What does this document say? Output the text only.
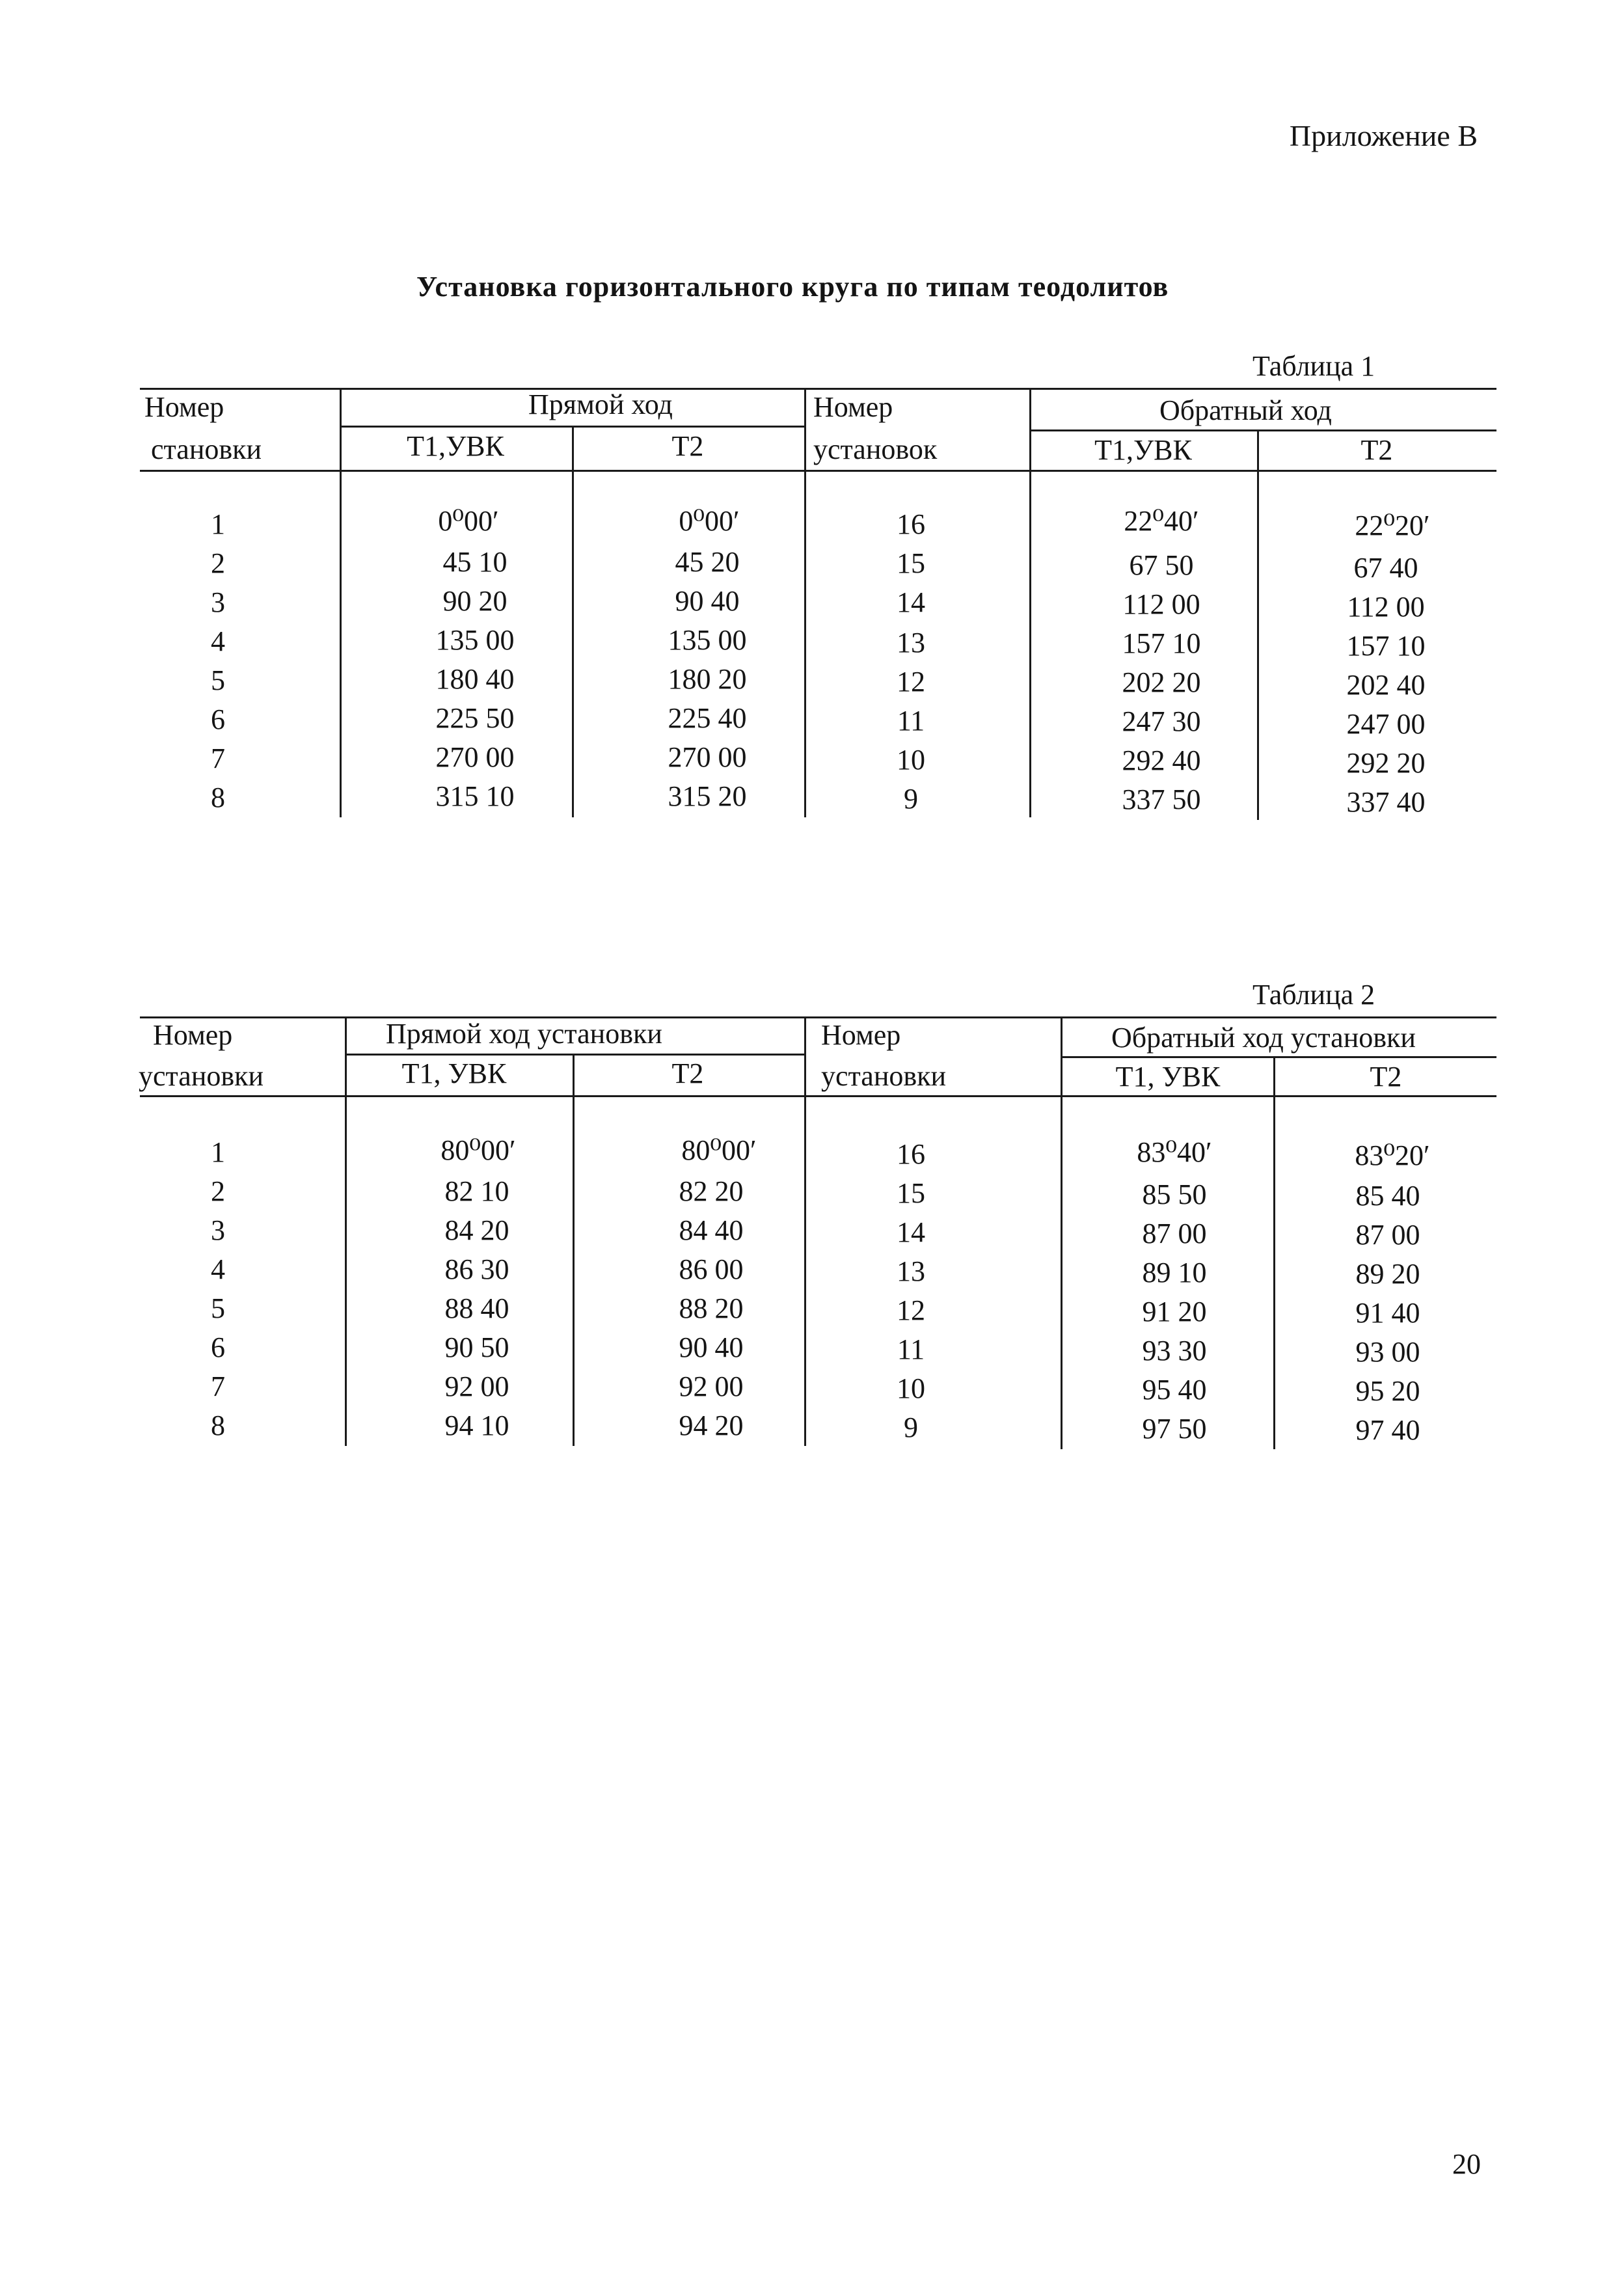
Приложение В
Установка горизонтального круга по типам теодолитов
Таблица 1
Номер
становки
Прямой ход	Номер
установок
Обратный ход
Т1,УВК	Т2	Т1,УВК	Т2
1	0⁰00′	0⁰00′	16	22⁰40′	22⁰20′
2	45 10	45 20	15	67 50	67 40
3	90 20	90 40	14	112 00	112 00
4	135 00	135 00	13	157 10	157 10
5	180 40	180 20	12	202 20	202 40
6	225 50	225 40	11	247 30	247 00
7	270 00	270 00	10	292 40	292 20
8	315 10	315 20	9	337 50	337 40
Таблица 2
Номер
установки
Прямой ход установки	Номер
установки
Обратный ход установки
Т1, УВК	Т2	Т1, УВК	Т2
1	80⁰00′	80⁰00′	16	83⁰40′	83⁰20′
2	82 10	82 20	15	85 50	85 40
3	84 20	84 40	14	87 00	87 00
4	86 30	86 00	13	89 10	89 20
5	88 40	88 20	12	91 20	91 40
6	90 50	90 40	11	93 30	93 00
7	92 00	92 00	10	95 40	95 20
8	94 10	94 20	9	97 50	97 40
20
